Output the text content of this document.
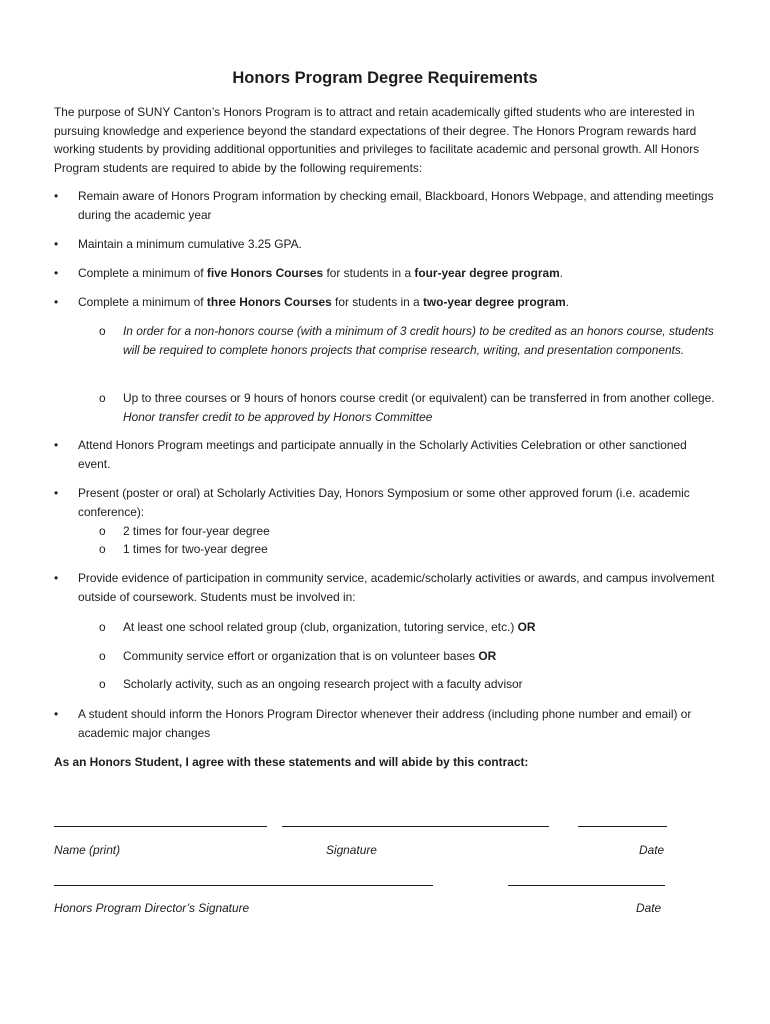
Honors Program Degree Requirements
The purpose of SUNY Canton’s Honors Program is to attract and retain academically gifted students who are interested in pursuing knowledge and experience beyond the standard expectations of their degree. The Honors Program rewards hard working students by providing additional opportunities and privileges to facilitate academic and personal growth. All Honors Program students are required to abide by the following requirements:
•	Remain aware of Honors Program information by checking email, Blackboard, Honors Webpage, and attending meetings during the academic year
•	Maintain a minimum cumulative 3.25 GPA.
•	Complete a minimum of five Honors Courses for students in a four-year degree program.
•	Complete a minimum of three Honors Courses for students in a two-year degree program.
o	In order for a non-honors course (with a minimum of 3 credit hours) to be credited as an honors course, students will be required to complete honors projects that comprise research, writing, and presentation components.
o	Up to three courses or 9 hours of honors course credit (or equivalent) can be transferred in from another college. Honor transfer credit to be approved by Honors Committee
•	Attend Honors Program meetings and participate annually in the Scholarly Activities Celebration or other sanctioned event.
•	Present (poster or oral) at Scholarly Activities Day, Honors Symposium or some other approved forum (i.e. academic conference):
o	2 times for four-year degree
o	1 times for two-year degree
•	Provide evidence of participation in community service, academic/scholarly activities or awards, and campus involvement outside of coursework. Students must be involved in:
o	At least one school related group (club, organization, tutoring service, etc.) OR
o	Community service effort or organization that is on volunteer bases OR
o	Scholarly activity, such as an ongoing research project with a faculty advisor
•	A student should inform the Honors Program Director whenever their address (including phone number and email) or academic major changes
As an Honors Student, I agree with these statements and will abide by this contract:
Name (print)	Signature	Date
Honors Program Director’s Signature	Date
